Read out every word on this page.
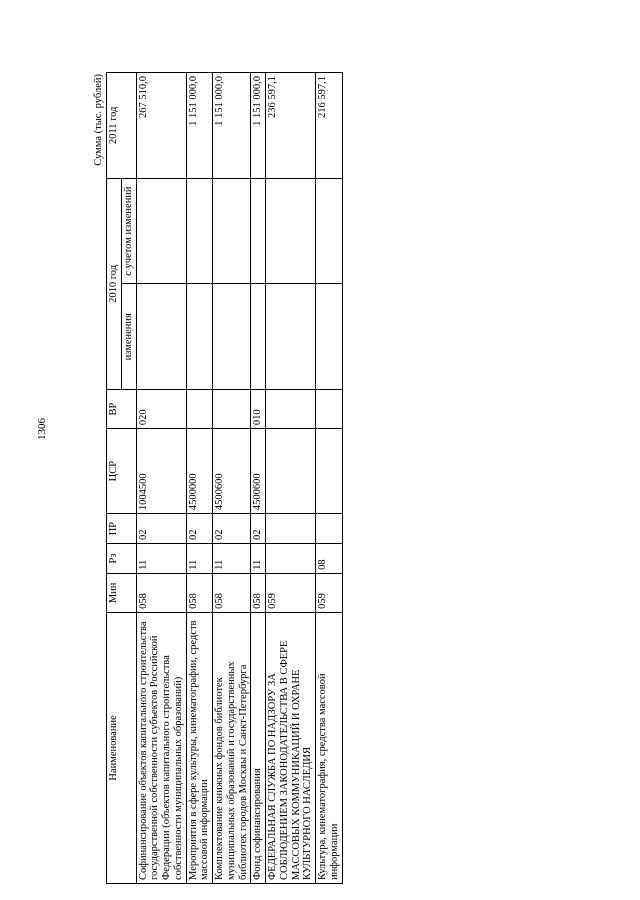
1306
Сумма (тыс. рублей)
Наименование	Мин	Рз	ПР	ЦСР	ВР	2010 год		2011 год
						изменения	с учетом изменений	
Софинансирование объектов капитального строительства государственной собственности субъектов Российской Федерации (объектов капитального строительства собственности муниципальных образований)	058	11	02	1004500	020			267 510,0
Мероприятия в сфере культуры, кинематографии, средств массовой информации	058	11	02	4500000				1 151 000,0
Комплектование книжных фондов библиотек муниципальных образований и государственных библиотек городов Москвы и Санкт-Петербурга	058	11	02	4500600				1 151 000,0
Фонд софинансирования	058	11	02	4500600	010			1 151 000,0
ФЕДЕРАЛЬНАЯ СЛУЖБА ПО НАДЗОРУ ЗА СОБЛЮДЕНИЕМ ЗАКОНОДАТЕЛЬСТВА В СФЕРЕ МАССОВЫХ КОММУНИКАЦИЙ И ОХРАНЕ КУЛЬТУРНОГО НАСЛЕДИЯ	059							236 597,1
Культура, кинематография, средства массовой информации	059	08						216 597,1
